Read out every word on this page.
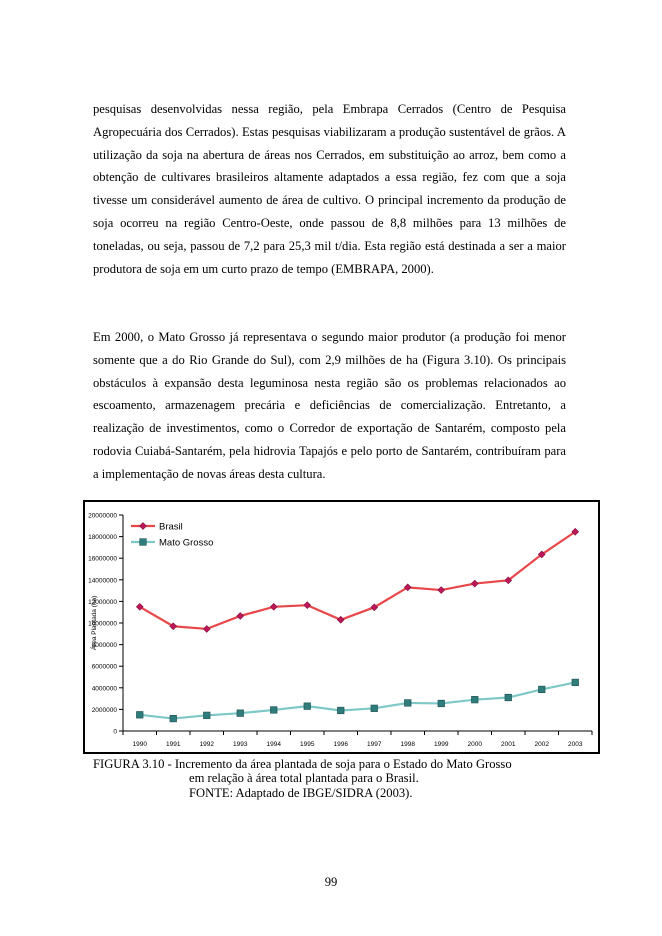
pesquisas desenvolvidas nessa região, pela Embrapa Cerrados (Centro de Pesquisa Agropecuária dos Cerrados). Estas pesquisas viabilizaram a produção sustentável de grãos. A utilização da soja na abertura de áreas nos Cerrados, em substituição ao arroz, bem como a obtenção de cultivares brasileiros altamente adaptados a essa região, fez com que a soja tivesse um considerável aumento de área de cultivo. O principal incremento da produção de soja ocorreu na região Centro-Oeste, onde passou de 8,8 milhões para 13 milhões de toneladas, ou seja, passou de 7,2 para 25,3 mil t/dia. Esta região está destinada a ser a maior produtora de soja em um curto prazo de tempo (EMBRAPA, 2000).

Em 2000, o Mato Grosso já representava o segundo maior produtor (a produção foi menor somente que a do Rio Grande do Sul), com 2,9 milhões de ha (Figura 3.10). Os principais obstáculos à expansão desta leguminosa nesta região são os problemas relacionados ao escoamento, armazenagem precária e deficiências de comercialização. Entretanto, a realização de investimentos, como o Corredor de exportação de Santarém, composto pela rodovia Cuiabá-Santarém, pela hidrovia Tapajós e pelo porto de Santarém, contribuíram para a implementação de novas áreas desta cultura.

0
2000000
4000000
6000000
8000000
10000000
12000000
14000000
16000000
18000000
20000000
1990	1991	1992	1993	1994	1995	1996	1997	1998	1999	2000	2001	2002	2003
Área Plantada (ha)
Brasil
Mato Grosso
FIGURA 3.10 - Incremento da área plantada de soja para o Estado do Mato Grosso
em relação à área total plantada para o Brasil.
FONTE: Adaptado de IBGE/SIDRA (2003).
99
